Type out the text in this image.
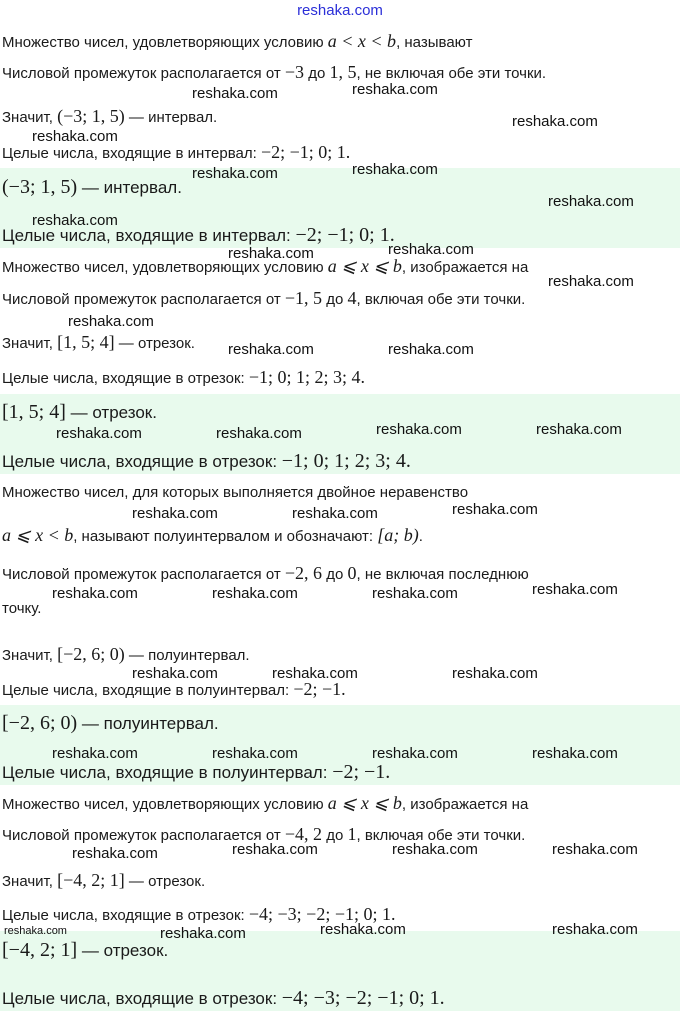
reshaka.com
Множество чисел, удовлетворяющих условию a < x < b, называют
Числовой промежуток располагается от −3 до 1, 5, не включая обе эти точки.
Значит, (−3; 1, 5) — интервал.
Целые числа, входящие в интервал: −2; −1; 0; 1.
(−3; 1, 5) — интервал.
Целые числа, входящие в интервал: −2; −1; 0; 1.
Множество чисел, удовлетворяющих условию a ⩽ x ⩽ b, изображается на
Числовой промежуток располагается от −1, 5 до 4, включая обе эти точки.
Значит, [1, 5; 4] — отрезок.
Целые числа, входящие в отрезок: −1; 0; 1; 2; 3; 4.
[1, 5; 4] — отрезок.
Целые числа, входящие в отрезок: −1; 0; 1; 2; 3; 4.
Множество чисел, для которых выполняется двойное неравенство
a ⩽ x < b, называют полуинтервалом и обозначают: [a; b).
Числовой промежуток располагается от −2, 6 до 0, не включая последнюю
точку.
Значит, [−2, 6; 0) — полуинтервал.
Целые числа, входящие в полуинтервал: −2; −1.
[−2, 6; 0) — полуинтервал.
Целые числа, входящие в полуинтервал: −2; −1.
Множество чисел, удовлетворяющих условию a ⩽ x ⩽ b, изображается на
Числовой промежуток располагается от −4, 2 до 1, включая обе эти точки.
Значит, [−4, 2; 1] — отрезок.
Целые числа, входящие в отрезок: −4; −3; −2; −1; 0; 1.
[−4, 2; 1] — отрезок.
Целые числа, входящие в отрезок: −4; −3; −2; −1; 0; 1.
reshaka.com	reshaka.com
reshaka.com
reshaka.com
reshaka.com	reshaka.com
reshaka.com
reshaka.com
reshaka.com
reshaka.com
reshaka.com
reshaka.com
reshaka.com	reshaka.com
reshaka.com	reshaka.com
reshaka.com	reshaka.com
reshaka.com
reshaka.com	reshaka.com
reshaka.com
reshaka.com	reshaka.com	reshaka.com
reshaka.com	reshaka.com	reshaka.com
reshaka.com	reshaka.com	reshaka.com	reshaka.com
reshaka.com	reshaka.com	reshaka.com
reshaka.com
reshaka.com	reshaka.com	reshaka.com
reshaka.com
